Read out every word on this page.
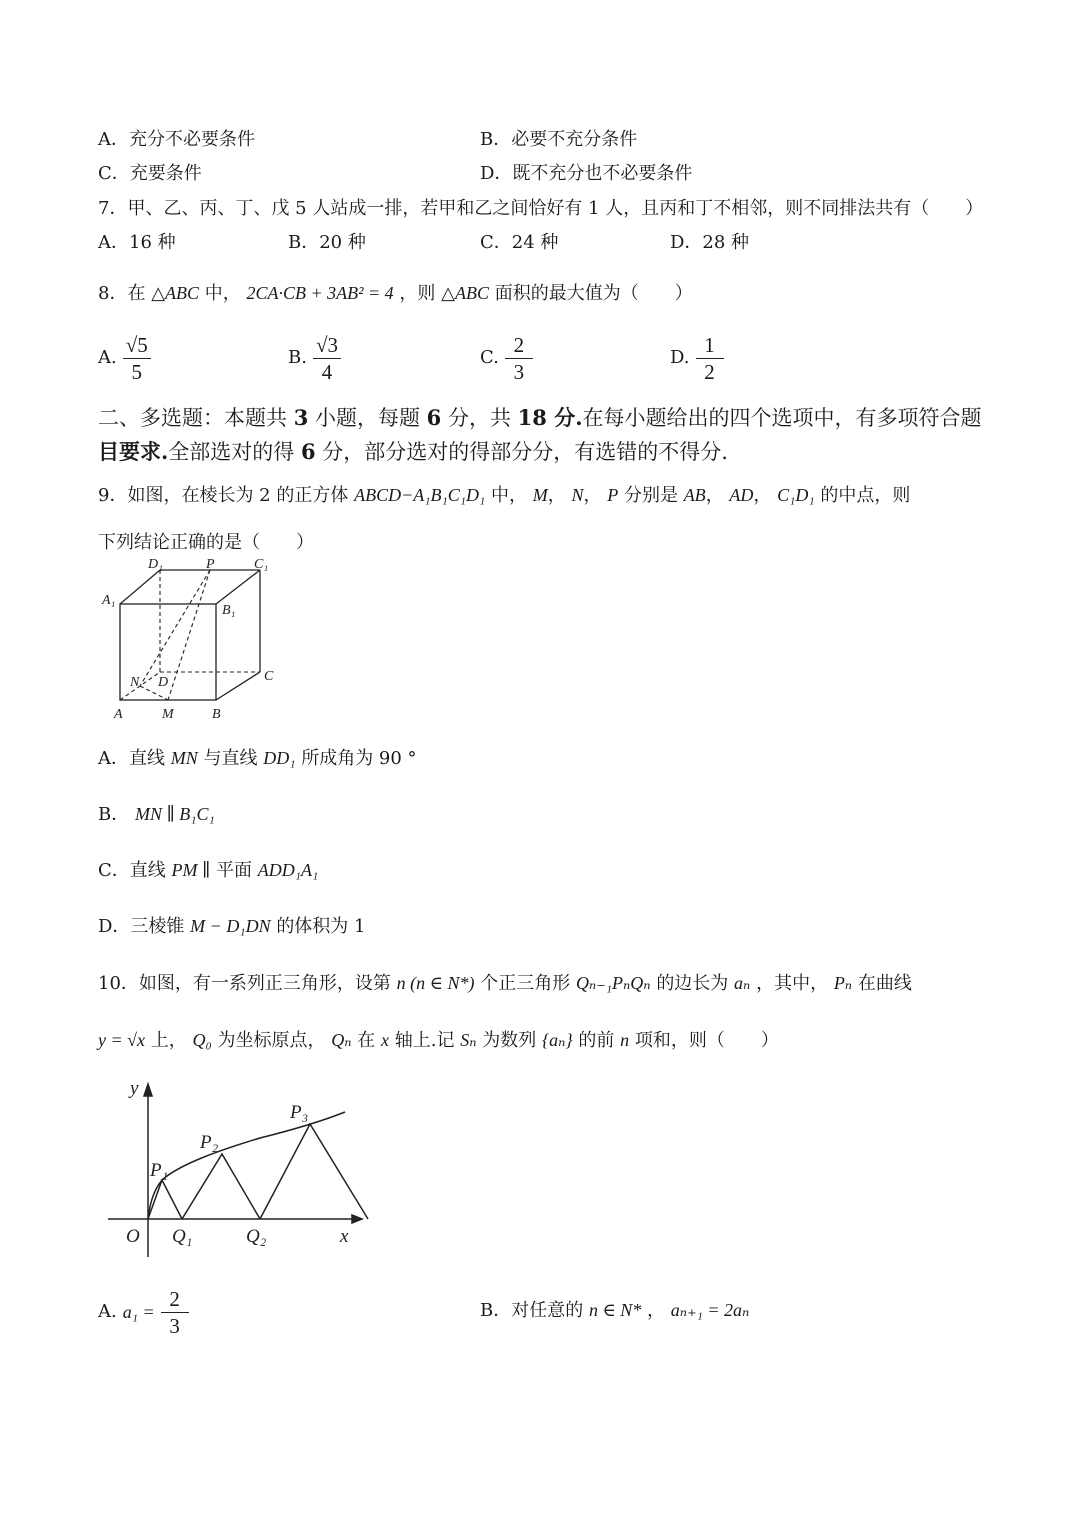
A．充分不必要条件	B．必要不充分条件
C．充要条件	D．既不充分也不必要条件
7．甲、乙、丙、丁、戊 5 人站成一排，若甲和乙之间恰好有 1 人，且丙和丁不相邻，则不同排法共有（　　）
A．16 种	B．20 种	C．24 种	D．28 种
8．在 △ABC 中， 2CA·CB + 3AB² = 4 ，则 △ABC 面积的最大值为（　　）
A. $\frac{√5}{5}$	B. $\frac{√3}{4}$	C. $\frac{2}{3}$	D. $\frac{1}{2}$
二、多选题：本题共 3 小题，每题 6 分，共 18 分.在每小题给出的四个选项中，有多项符合题
目要求.全部选对的得 6 分，部分选对的得部分分，有选错的不得分.
9．如图，在棱长为 2 的正方体 ABCD−A₁B₁C₁D₁ 中， M， N， P 分别是 AB， AD， C₁D₁ 的中点，则
下列结论正确的是（　　）
D₁	P	C₁
A₁
B₁
C
N D
A	M	B
A．直线 MN 与直线 DD₁ 所成角为 90 °
B． MN ∥ B₁C₁
C．直线 PM ∥ 平面 ADD₁A₁
D．三棱锥 M − D₁DN 的体积为 1
10．如图，有一系列正三角形，设第 n (n ∈ N*) 个正三角形 Qₙ₋₁PₙQₙ 的边长为 aₙ ，其中， Pₙ 在曲线
y = √x 上， Q₀ 为坐标原点， Qₙ 在 x 轴上.记 Sₙ 为数列 {aₙ} 的前 n 项和，则（　　）
y
x
O
P₁
P₂
P₃
Q₁	Q₂
A. $a_1 = \frac{2}{3}$	B．对任意的 n ∈ N* ， aₙ₊₁ = 2aₙ
